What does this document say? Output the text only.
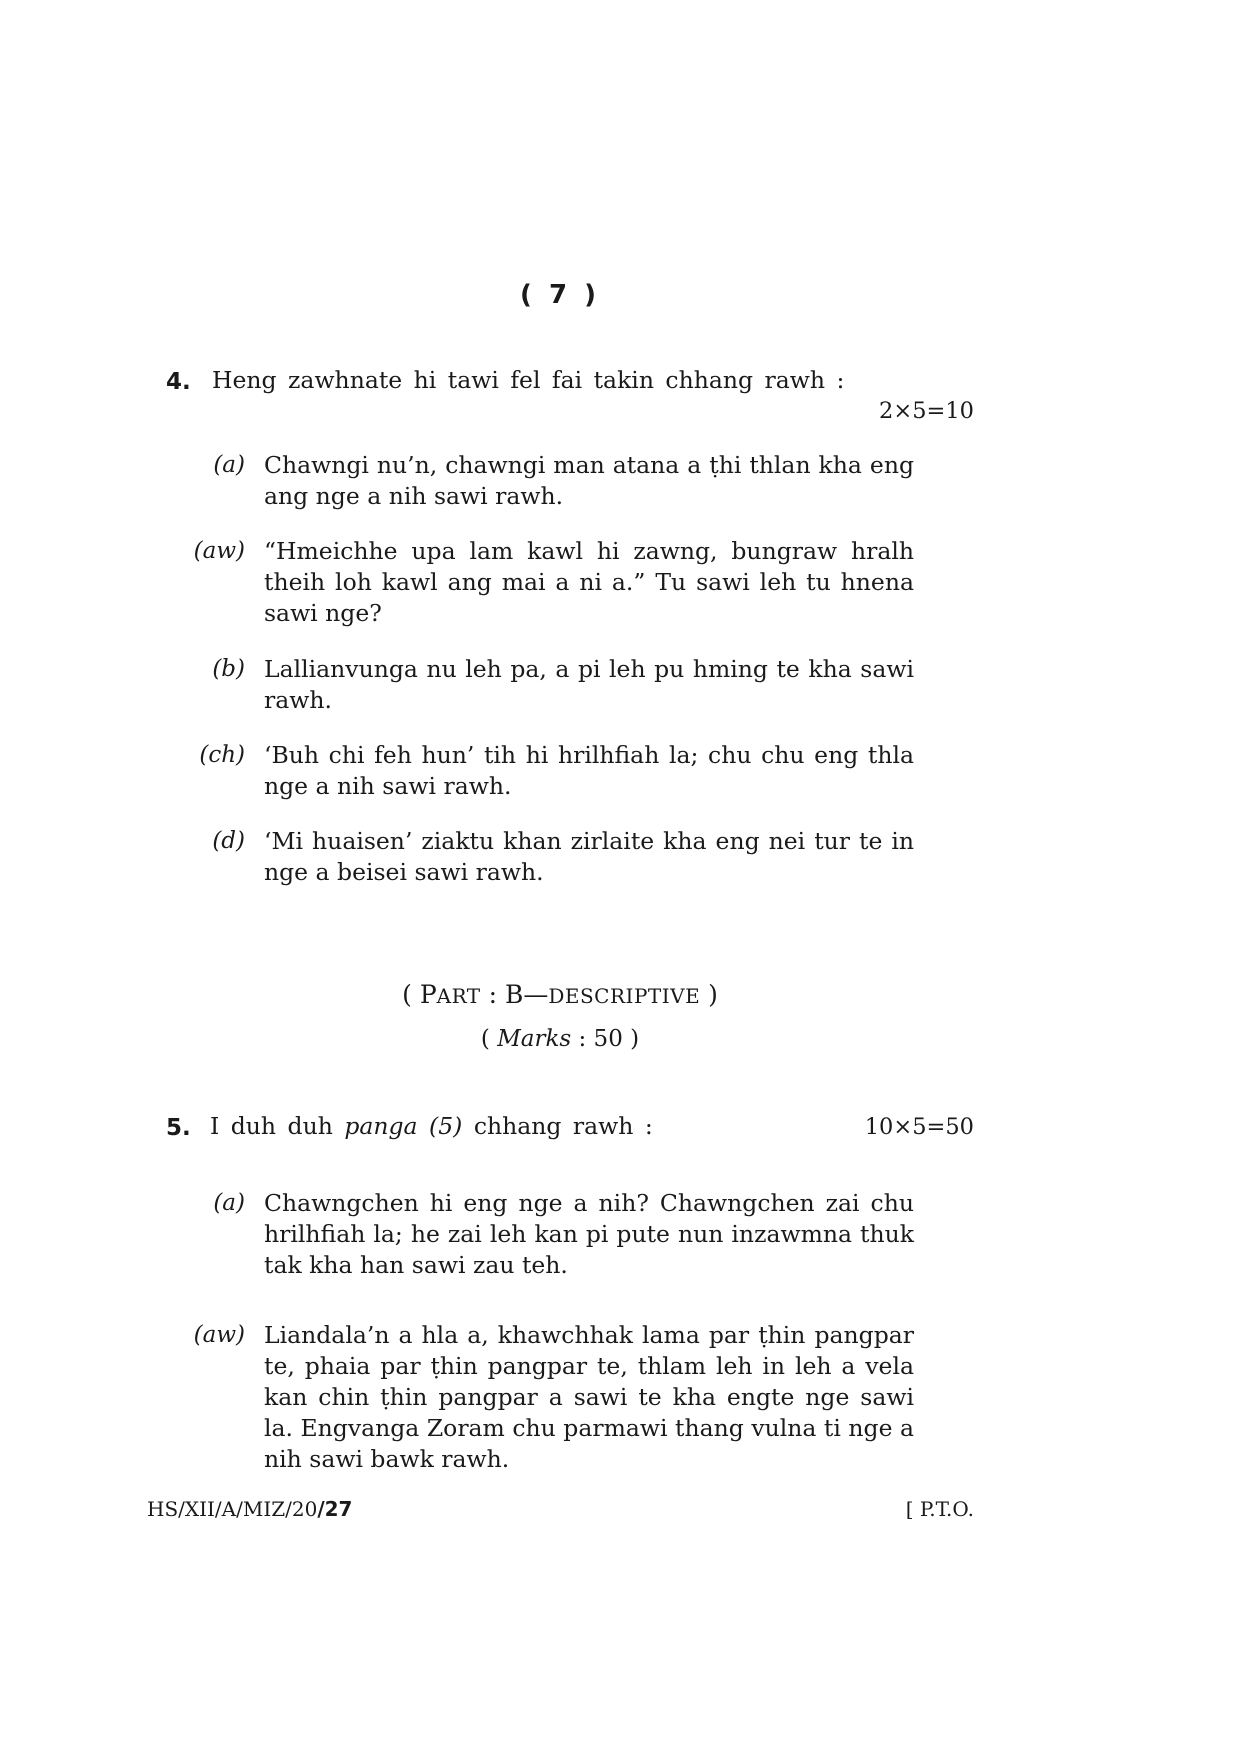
( 7 )
4. Heng zawhnate hi tawi fel fai takin chhang rawh :
2×5=10
(a) Chawngi nu’n, chawngi man atana a ṭhi thlan kha eng ang nge a nih sawi rawh.
(aw) “Hmeichhe upa lam kawl hi zawng, bungraw hralh theih loh kawl ang mai a ni a.” Tu sawi leh tu hnena sawi nge?
(b) Lallianvunga nu leh pa, a pi leh pu hming te kha sawi rawh.
(ch) ‘Buh chi feh hun’ tih hi hrilhfiah la; chu chu eng thla nge a nih sawi rawh.
(d) ‘Mi huaisen’ ziaktu khan zirlaite kha eng nei tur te in nge a beisei sawi rawh.
( PART : B—DESCRIPTIVE )
( Marks : 50 )
5. I duh duh panga (5) chhang rawh :	10×5=50
(a) Chawngchen hi eng nge a nih? Chawngchen zai chu hrilhfiah la; he zai leh kan pi pute nun inzawmna thuk tak kha han sawi zau teh.
(aw) Liandala’n a hla a, khawchhak lama par ṭhin pangpar te, phaia par ṭhin pangpar te, thlam leh in leh a vela kan chin ṭhin pangpar a sawi te kha engte nge sawi la. Engvanga Zoram chu parmawi thang vulna ti nge a nih sawi bawk rawh.
HS/XII/A/MIZ/20/27	[ P.T.O.
